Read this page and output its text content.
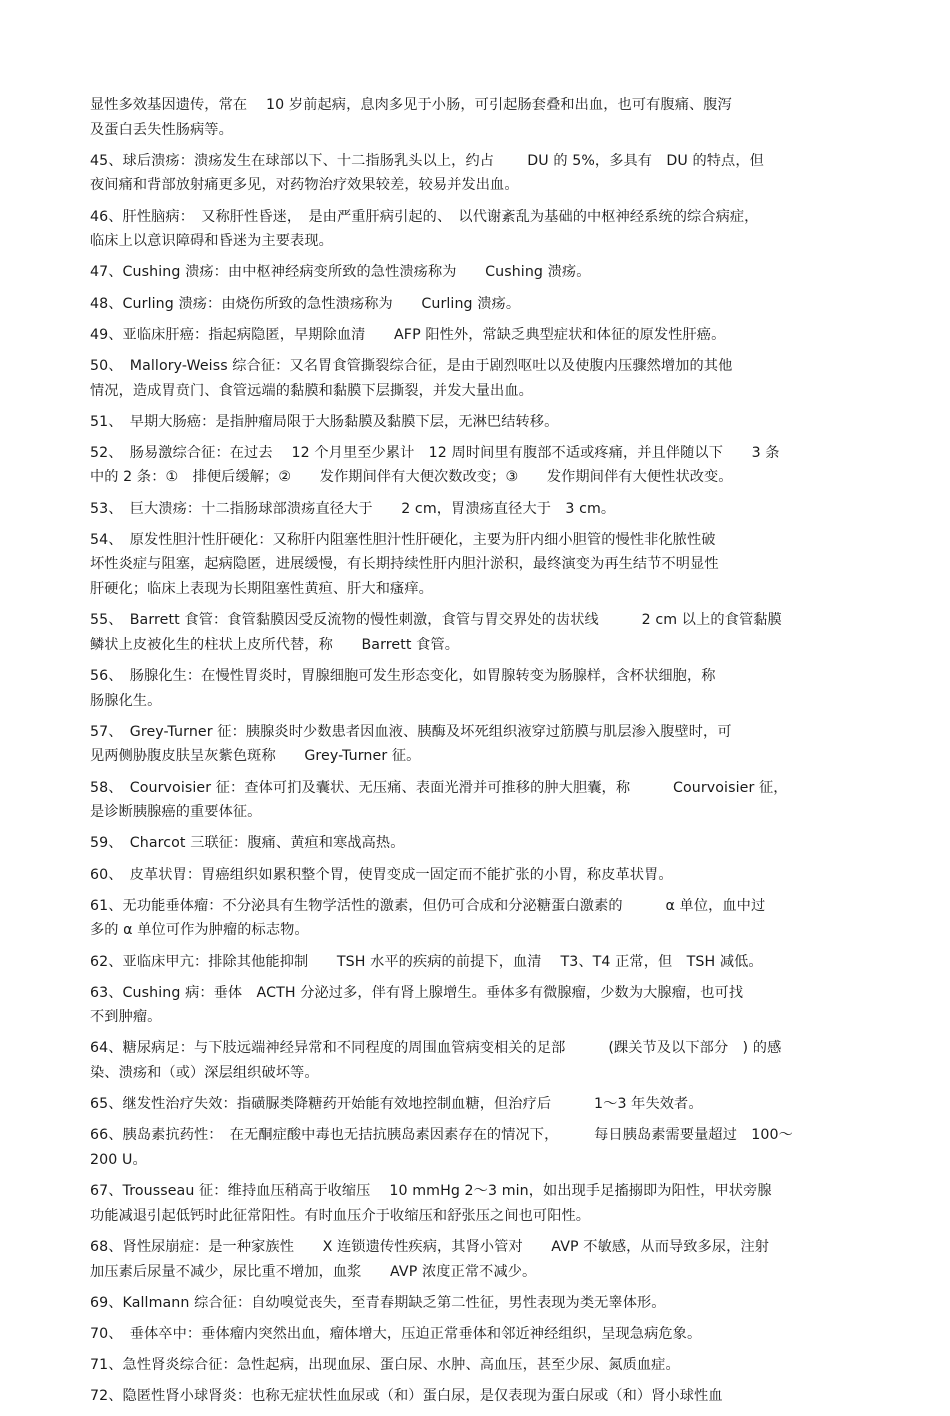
显性多效基因遗传，常在　 10 岁前起病，息肉多见于小肠，可引起肠套叠和出血，也可有腹痛、腹泻
及蛋白丢失性肠病等。
45、球后溃疡：溃疡发生在球部以下、十二指肠乳头以上，约占　　 DU 的 5%，多具有　DU 的特点，但
夜间痛和背部放射痛更多见，对药物治疗效果较差，较易并发出血。
46、肝性脑病：　又称肝性昏迷，　是由严重肝病引起的、　以代谢紊乱为基础的中枢神经系统的综合病症，
临床上以意识障碍和昏迷为主要表现。
47、Cushing 溃疡：由中枢神经病变所致的急性溃疡称为　　Cushing 溃疡。
48、Curling 溃疡：由烧伤所致的急性溃疡称为　　Curling 溃疡。
49、亚临床肝癌：指起病隐匿，早期除血清　　AFP 阳性外，常缺乏典型症状和体征的原发性肝癌。
50、　Mallory-Weiss 综合征：又名胃食管撕裂综合征，是由于剧烈呕吐以及使腹内压骤然增加的其他
情况，造成胃贲门、食管远端的黏膜和黏膜下层撕裂，并发大量出血。
51、　早期大肠癌：是指肿瘤局限于大肠黏膜及黏膜下层，无淋巴结转移。
52、　肠易激综合征：在过去　 12 个月里至少累计　12 周时间里有腹部不适或疼痛，并且伴随以下　　3 条
中的 2 条：①　排便后缓解；②　　发作期间伴有大便次数改变；③　　发作期间伴有大便性状改变。
53、　巨大溃疡：十二指肠球部溃疡直径大于　　2 cm，胃溃疡直径大于　3 cm。
54、　原发性胆汁性肝硬化：又称肝内阻塞性胆汁性肝硬化，主要为肝内细小胆管的慢性非化脓性破
坏性炎症与阻塞，起病隐匿，进展缓慢，有长期持续性肝内胆汁淤积，最终演变为再生结节不明显性
肝硬化；临床上表现为长期阻塞性黄疸、肝大和瘙痒。
55、　Barrett 食管：食管黏膜因受反流物的慢性刺激，食管与胃交界处的齿状线　　　2 cm 以上的食管黏膜
鳞状上皮被化生的柱状上皮所代替，称　　Barrett 食管。
56、　肠腺化生：在慢性胃炎时，胃腺细胞可发生形态变化，如胃腺转变为肠腺样，含杯状细胞，称
肠腺化生。
57、　Grey-Turner 征：胰腺炎时少数患者因血液、胰酶及坏死组织液穿过筋膜与肌层渗入腹壁时，可
见两侧胁腹皮肤呈灰紫色斑称　　Grey-Turner 征。
58、　Courvoisier 征：查体可扪及囊状、无压痛、表面光滑并可推移的肿大胆囊，称　　　Courvoisier 征，
是诊断胰腺癌的重要体征。
59、　Charcot 三联征：腹痛、黄疸和寒战高热。
60、　皮革状胃：胃癌组织如累积整个胃，使胃变成一固定而不能扩张的小胃，称皮革状胃。
61、无功能垂体瘤：不分泌具有生物学活性的激素，但仍可合成和分泌糖蛋白激素的　　　α 单位，血中过
多的 α 单位可作为肿瘤的标志物。
62、亚临床甲亢：排除其他能抑制　　TSH 水平的疾病的前提下，血清　 T3、T4 正常，但　TSH 减低。
63、Cushing 病：垂体　ACTH 分泌过多，伴有肾上腺增生。垂体多有微腺瘤，少数为大腺瘤，也可找
不到肿瘤。
64、糖尿病足：与下肢远端神经异常和不同程度的周围血管病变相关的足部　　　(踝关节及以下部分　) 的感
染、溃疡和（或）深层组织破坏等。
65、继发性治疗失效：指磺脲类降糖药开始能有效地控制血糖，但治疗后　　　1～3 年失效者。
66、胰岛素抗药性：　在无酮症酸中毒也无拮抗胰岛素因素存在的情况下，　　　每日胰岛素需要量超过　100～
200 U。
67、Trousseau 征：维持血压稍高于收缩压　 10 mmHg 2～3 min，如出现手足搐搦即为阳性，甲状旁腺
功能减退引起低钙时此征常阳性。有时血压介于收缩压和舒张压之间也可阳性。
68、肾性尿崩症：是一种家族性　　X 连锁遗传性疾病，其肾小管对　　AVP 不敏感，从而导致多尿，注射
加压素后尿量不减少，尿比重不增加，血浆　　AVP 浓度正常不减少。
69、Kallmann 综合征：自幼嗅觉丧失，至青春期缺乏第二性征，男性表现为类无睾体形。
70、　垂体卒中：垂体瘤内突然出血，瘤体增大，压迫正常垂体和邻近神经组织，呈现急病危象。
71、急性肾炎综合征：急性起病，出现血尿、蛋白尿、水肿、高血压，甚至少尿、氮质血症。
72、隐匿性肾小球肾炎：也称无症状性血尿或（和）蛋白尿，是仅表现为蛋白尿或（和）肾小球性血
